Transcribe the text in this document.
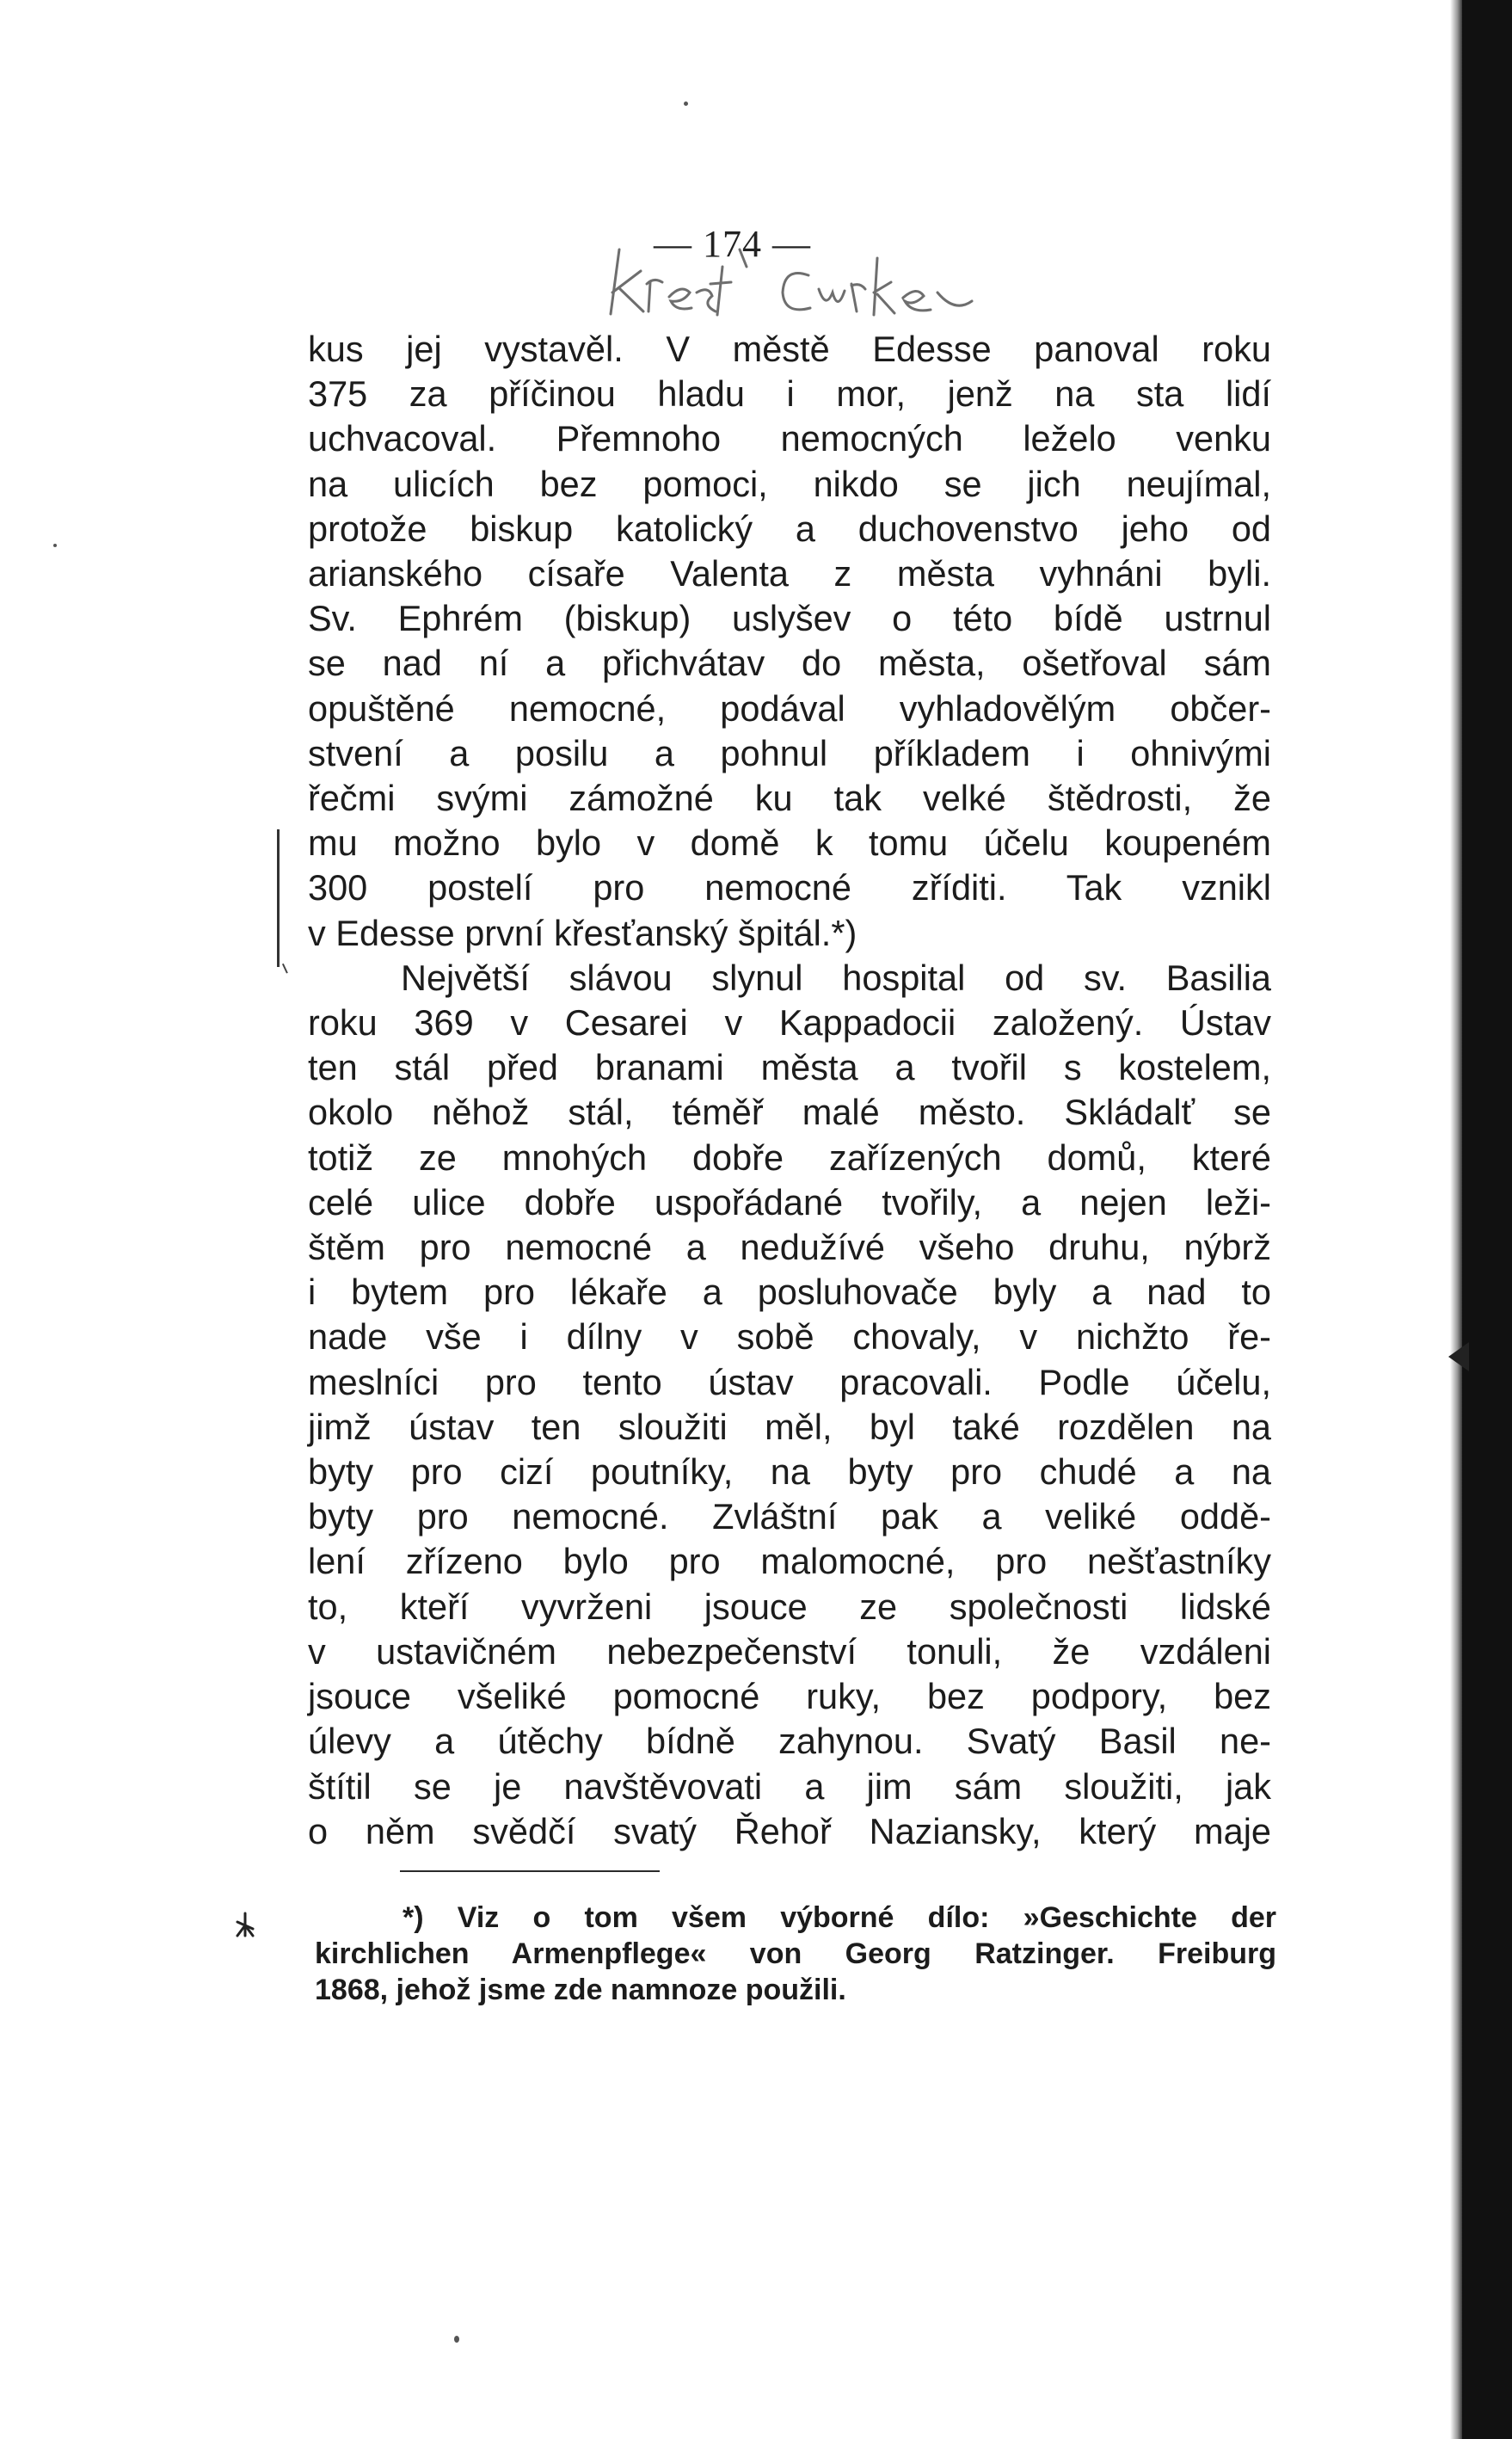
— 174 —
kus jej vystavěl. V městě Edesse panoval roku
375 za příčinou hladu i mor, jenž na sta lidí
uchvacoval. Přemnoho nemocných leželo venku
na ulicích bez pomoci, nikdo se jich neujímal,
protože biskup katolický a duchovenstvo jeho od
arianského císaře Valenta z města vyhnáni byli.
Sv. Ephrém (biskup) uslyšev o této bídě ustrnul
se nad ní a přichvátav do města, ošetřoval sám
opuštěné nemocné, podával vyhladovělým občer-
stvení a posilu a pohnul příkladem i ohnivými
řečmi svými zámožné ku tak velké štědrosti, že
mu možno bylo v domě k tomu účelu koupeném
300 postelí pro nemocné zříditi. Tak vznikl
v Edesse první křesťanský špitál.*)
Největší slávou slynul hospital od sv. Basilia
roku 369 v Cesarei v Kappadocii založený. Ústav
ten stál před branami města a tvořil s kostelem,
okolo něhož stál, téměř malé město. Skládalť se
totiž ze mnohých dobře zařízených domů, které
celé ulice dobře uspořádané tvořily, a nejen leži-
štěm pro nemocné a nedužívé všeho druhu, nýbrž
i bytem pro lékaře a posluhovače byly a nad to
nade vše i dílny v sobě chovaly, v nichžto ře-
meslníci pro tento ústav pracovali. Podle účelu,
jimž ústav ten sloužiti měl, byl také rozdělen na
byty pro cizí poutníky, na byty pro chudé a na
byty pro nemocné. Zvláštní pak a veliké oddě-
lení zřízeno bylo pro malomocné, pro nešťastníky
to, kteří vyvrženi jsouce ze společnosti lidské
v ustavičném nebezpečenství tonuli, že vzdáleni
jsouce všeliké pomocné ruky, bez podpory, bez
úlevy a útěchy bídně zahynou. Svatý Basil ne-
štítil se je navštěvovati a jim sám sloužiti, jak
o něm svědčí svatý Řehoř Naziansky, který maje
*) Viz o tom všem výborné dílo: »Geschichte der
kirchlichen Armenpflege« von Georg Ratzinger. Freiburg
1868, jehož jsme zde namnoze použili.
